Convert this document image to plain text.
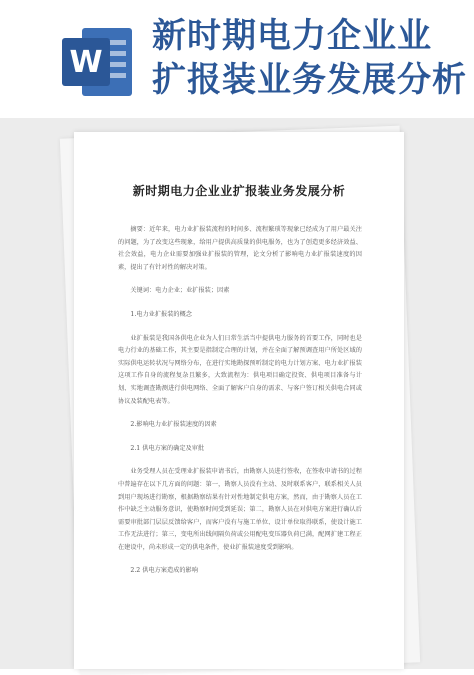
W
新时期电力企业业
扩报装业务发展分析
新时期电力企业业扩报装业务发展分析

摘要：近年来，电力业扩报装流程的时间多、流程繁琐等现象已经成为了用户最关注的问题，为了改变这些现象，给用户提供高质量的供电服务，也为了创造更多经济效益、社会效益，电力企业需要加强业扩报装的管理，论文分析了影响电力业扩报装速度的因素，提出了有针对性的解决对策。

关键词：电力企业；业扩报装；因素

1.电力业扩报装的概念

业扩报装是我国各供电企业为人们日常生活当中提供电力服务的首要工作，同时也是电力行业的基础工作，其主要是指制定合理的计划，并在全面了解预调查用户所处区域的实际供电运转状况与网络分布，在进行实地勘探预听制定的电力计划方案、电力业扩报装这项工作自身的流程复杂且繁多，大致流程为：供电项目确定投资、供电项目准备与计划、实地调查勘测进行供电网络、全面了解客户自身的需求、与客户签订相关供电合同或协议及装配电表等。

2.影响电力业扩报装速度的因素

2.1 供电方案的确定及审批

业务受理人员在受理业扩报装申请书后，由勘察人员进行签收，在签收申请书的过程中普遍存在以下几方面的问题：第一，勘察人员没有主动、及时联系客户，联系相关人员到用户现场进行勘察，根据勘察结果有针对性地制定供电方案，然而，由于勘察人员在工作中缺乏主动服务意识，使勘察时间受到延误；第二，勘察人员在对供电方案进行确认后需要审批部门层层反馈给客户，而客户没有与施工单位、设计单位取得联系，使设计施工工作无法进行；第三，变电所出线间隔负荷或公用配电变压器负荷已满，配网扩建工程正在建设中，尚未形成一定的供电条件，使业扩报装速度受到影响。

2.2 供电方案造成的影响
